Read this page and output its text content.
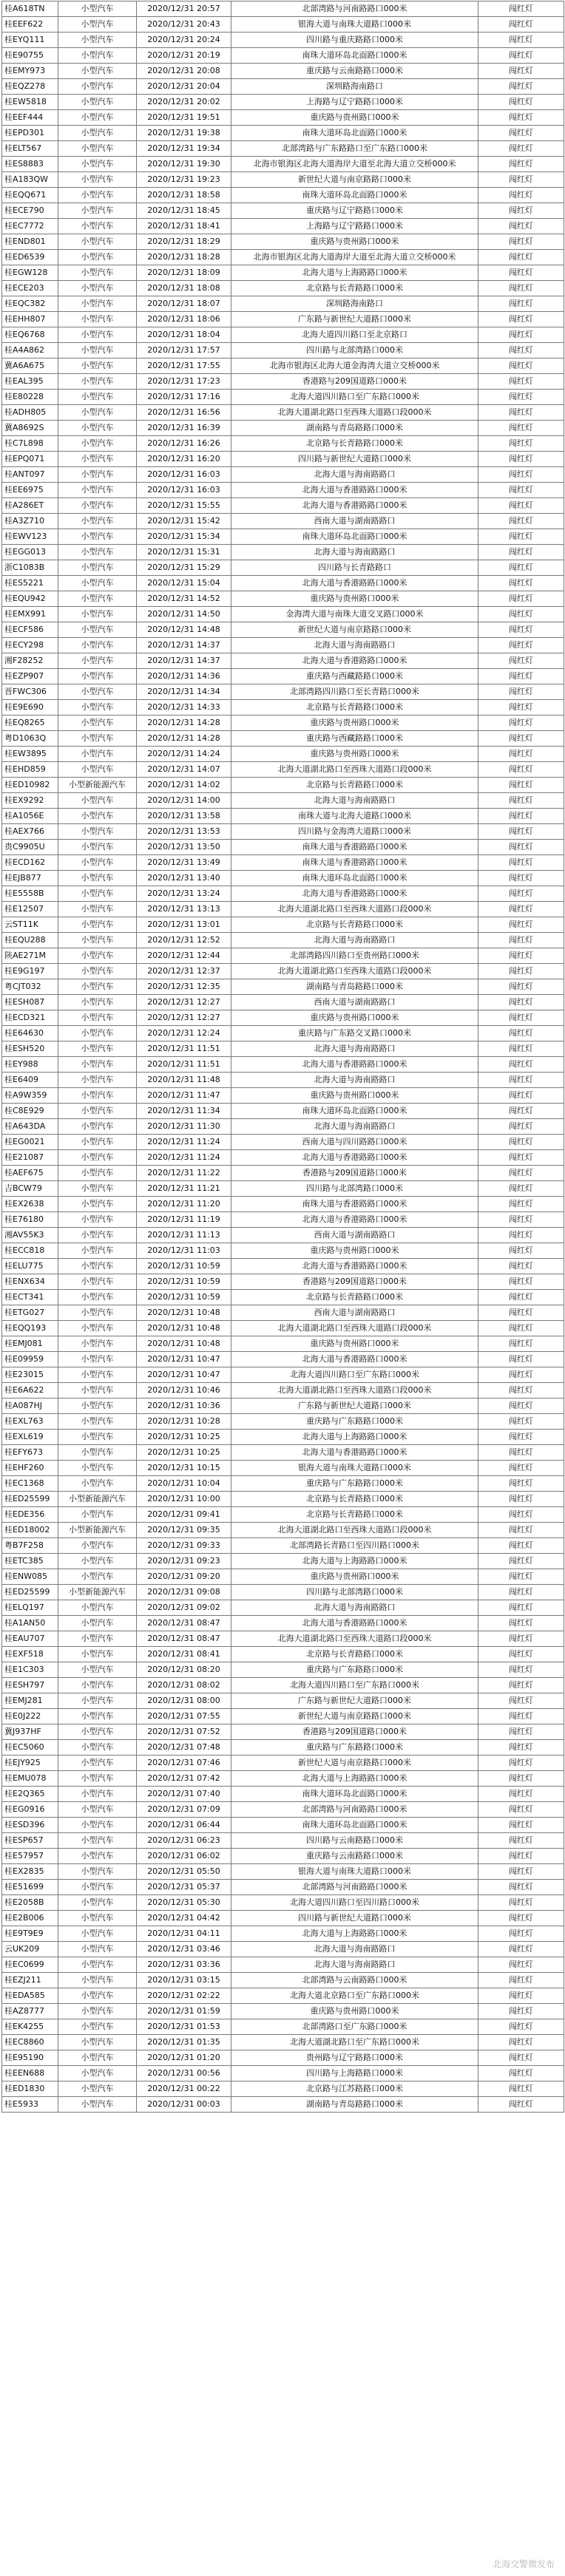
桂A618TN	小型汽车	2020/12/31 20:57	北部湾路与河南路路口000米	闯红灯
桂EEF622	小型汽车	2020/12/31 20:43	银海大道与南珠大道路口000米	闯红灯
桂EYQ111	小型汽车	2020/12/31 20:24	四川路与重庆路路口000米	闯红灯
桂E90755	小型汽车	2020/12/31 20:19	南珠大道环岛北面路口000米	闯红灯
桂EMY973	小型汽车	2020/12/31 20:08	重庆路与云南路路口000米	闯红灯
桂EQZ278	小型汽车	2020/12/31 20:04	深圳路海南路口	闯红灯
桂EW5818	小型汽车	2020/12/31 20:02	上海路与辽宁路路口000米	闯红灯
桂EEF444	小型汽车	2020/12/31 19:51	重庆路与贵州路口000米	闯红灯
桂EPD301	小型汽车	2020/12/31 19:38	南珠大道环岛北面路口000米	闯红灯
桂ELT567	小型汽车	2020/12/31 19:34	北部湾路与广东路路口至广东路口000米	闯红灯
桂ES8883	小型汽车	2020/12/31 19:30	北海市银海区北海大道海岸大道至北海大道立交桥000米	闯红灯
桂A183QW	小型汽车	2020/12/31 19:23	新世纪大道与南京路路口000米	闯红灯
桂EQQ671	小型汽车	2020/12/31 18:58	南珠大道环岛北面路口000米	闯红灯
桂ECE790	小型汽车	2020/12/31 18:45	重庆路与辽宁路路口000米	闯红灯
桂EC7772	小型汽车	2020/12/31 18:41	上海路与辽宁路路口000米	闯红灯
桂END801	小型汽车	2020/12/31 18:29	重庆路与贵州路口000米	闯红灯
桂ED6539	小型汽车	2020/12/31 18:28	北海市银海区北海大道海岸大道至北海大道立交桥000米	闯红灯
桂EGW128	小型汽车	2020/12/31 18:09	北海大道与上海路路口000米	闯红灯
桂ECE203	小型汽车	2020/12/31 18:08	北京路与长青路路口000米	闯红灯
桂EQC382	小型汽车	2020/12/31 18:07	深圳路海南路口	闯红灯
桂EHH807	小型汽车	2020/12/31 18:06	广东路与新世纪大道路口000米	闯红灯
桂EQ6768	小型汽车	2020/12/31 18:04	北海大道四川路口至北京路口	闯红灯
桂A4A862	小型汽车	2020/12/31 17:57	四川路与北部湾路口000米	闯红灯
冀A6A675	小型汽车	2020/12/31 17:55	北海市银海区北海大道金海湾大道立交桥000米	闯红灯
桂EAL395	小型汽车	2020/12/31 17:23	香港路与209国道路口000米	闯红灯
桂E80228	小型汽车	2020/12/31 17:16	北海大道四川路口至广东路口000米	闯红灯
桂ADH805	小型汽车	2020/12/31 16:56	北海大道湖北路口至西珠大道路口段000米	闯红灯
冀A8692S	小型汽车	2020/12/31 16:39	湖南路与青岛路路口000米	闯红灯
桂C7L898	小型汽车	2020/12/31 16:26	北京路与长青路路口000米	闯红灯
桂EPQ071	小型汽车	2020/12/31 16:20	四川路与新世纪大道路口000米	闯红灯
桂ANT097	小型汽车	2020/12/31 16:03	北海大道与海南路路口	闯红灯
桂EE6975	小型汽车	2020/12/31 16:03	北海大道与香港路路口000米	闯红灯
桂A286ET	小型汽车	2020/12/31 15:55	北海大道与香港路路口000米	闯红灯
桂A3Z710	小型汽车	2020/12/31 15:42	西南大道与湖南路路口	闯红灯
桂EWV123	小型汽车	2020/12/31 15:34	南珠大道环岛北面路口000米	闯红灯
桂EGG013	小型汽车	2020/12/31 15:31	北海大道与海南路路口	闯红灯
浙C1083B	小型汽车	2020/12/31 15:29	四川路与长青路路口	闯红灯
桂ES5221	小型汽车	2020/12/31 15:04	北海大道与香港路路口000米	闯红灯
桂EQU942	小型汽车	2020/12/31 14:52	重庆路与贵州路口000米	闯红灯
桂EMX991	小型汽车	2020/12/31 14:50	金海湾大道与南珠大道交叉路口000米	闯红灯
桂ECF586	小型汽车	2020/12/31 14:48	新世纪大道与南京路路口000米	闯红灯
桂ECY298	小型汽车	2020/12/31 14:37	北海大道与海南路路口	闯红灯
湘F28252	小型汽车	2020/12/31 14:37	北海大道与香港路路口000米	闯红灯
桂EZP907	小型汽车	2020/12/31 14:36	重庆路与西藏路路口000米	闯红灯
晋FWC306	小型汽车	2020/12/31 14:34	北部湾路四川路口至长青路口000米	闯红灯
桂E9E690	小型汽车	2020/12/31 14:33	北京路与长青路路口000米	闯红灯
桂EQ8265	小型汽车	2020/12/31 14:28	重庆路与贵州路口000米	闯红灯
粤D1063Q	小型汽车	2020/12/31 14:28	重庆路与西藏路路口000米	闯红灯
桂EW3895	小型汽车	2020/12/31 14:24	重庆路与贵州路口000米	闯红灯
桂EHD859	小型汽车	2020/12/31 14:07	北海大道湖北路口至西珠大道路口段000米	闯红灯
桂ED10982	小型新能源汽车	2020/12/31 14:02	北京路与长青路路口000米	闯红灯
桂EX9292	小型汽车	2020/12/31 14:00	北海大道与海南路路口	闯红灯
桂A1056E	小型汽车	2020/12/31 13:58	南珠大道与北海大道路口000米	闯红灯
桂AEX766	小型汽车	2020/12/31 13:53	四川路与金海湾大道路口000米	闯红灯
贵C9905U	小型汽车	2020/12/31 13:50	南珠大道与香港路路口000米	闯红灯
桂ECD162	小型汽车	2020/12/31 13:49	南珠大道与香港路路口000米	闯红灯
桂EJB877	小型汽车	2020/12/31 13:40	南珠大道环岛北面路口000米	闯红灯
桂E5558B	小型汽车	2020/12/31 13:24	北海大道与香港路路口000米	闯红灯
桂E12507	小型汽车	2020/12/31 13:13	北海大道湖北路口至西珠大道路口段000米	闯红灯
云ST11K	小型汽车	2020/12/31 13:01	北京路与长青路路口000米	闯红灯
桂EQU288	小型汽车	2020/12/31 12:52	北海大道与海南路路口	闯红灯
陕AE271M	小型汽车	2020/12/31 12:44	北部湾路四川路口至贵州路口000米	闯红灯
桂E9G197	小型汽车	2020/12/31 12:37	北海大道湖北路口至西珠大道路口段000米	闯红灯
粤CJT032	小型汽车	2020/12/31 12:35	湖南路与青岛路路口000米	闯红灯
桂ESH087	小型汽车	2020/12/31 12:27	西南大道与湖南路路口	闯红灯
桂ECD321	小型汽车	2020/12/31 12:27	重庆路与贵州路口000米	闯红灯
桂E64630	小型汽车	2020/12/31 12:24	重庆路与广东路交叉路口000米	闯红灯
桂ESH520	小型汽车	2020/12/31 11:51	北海大道与海南路路口	闯红灯
桂EY988	小型汽车	2020/12/31 11:51	北海大道与香港路路口000米	闯红灯
桂E6409	小型汽车	2020/12/31 11:48	北海大道与海南路路口	闯红灯
桂A9W359	小型汽车	2020/12/31 11:47	重庆路与贵州路口000米	闯红灯
桂C8E929	小型汽车	2020/12/31 11:34	南珠大道环岛北面路口000米	闯红灯
桂A643DA	小型汽车	2020/12/31 11:30	北海大道与海南路路口	闯红灯
桂EG0021	小型汽车	2020/12/31 11:24	西南大道与四川路路口000米	闯红灯
桂E21087	小型汽车	2020/12/31 11:24	北海大道与香港路路口000米	闯红灯
桂AEF675	小型汽车	2020/12/31 11:22	香港路与209国道路口000米	闯红灯
吉BCW79	小型汽车	2020/12/31 11:21	四川路与北部湾路口000米	闯红灯
桂EX2638	小型汽车	2020/12/31 11:20	南珠大道与香港路路口000米	闯红灯
桂E76180	小型汽车	2020/12/31 11:19	北海大道与香港路路口000米	闯红灯
湘AV55K3	小型汽车	2020/12/31 11:13	西南大道与湖南路路口	闯红灯
桂ECC818	小型汽车	2020/12/31 11:03	重庆路与贵州路口000米	闯红灯
桂ELU775	小型汽车	2020/12/31 10:59	北海大道与香港路路口000米	闯红灯
桂ENX634	小型汽车	2020/12/31 10:59	香港路与209国道路口000米	闯红灯
桂ECT341	小型汽车	2020/12/31 10:59	北京路与长青路路口000米	闯红灯
桂ETG027	小型汽车	2020/12/31 10:48	西南大道与湖南路路口	闯红灯
桂EQQ193	小型汽车	2020/12/31 10:48	北海大道湖北路口至西珠大道路口段000米	闯红灯
桂EMJ081	小型汽车	2020/12/31 10:48	重庆路与贵州路口000米	闯红灯
桂E09959	小型汽车	2020/12/31 10:47	北海大道与香港路路口000米	闯红灯
桂E23015	小型汽车	2020/12/31 10:47	北海大道四川路口至广东路口000米	闯红灯
桂E6A622	小型汽车	2020/12/31 10:46	北海大道湖北路口至西珠大道路口段000米	闯红灯
桂A087HJ	小型汽车	2020/12/31 10:36	广东路与新世纪大道路口000米	闯红灯
桂EXL763	小型汽车	2020/12/31 10:28	重庆路与广东路路口000米	闯红灯
桂EXL619	小型汽车	2020/12/31 10:25	北海大道与上海路路口000米	闯红灯
桂EFY673	小型汽车	2020/12/31 10:25	北海大道与香港路路口000米	闯红灯
桂EHF260	小型汽车	2020/12/31 10:15	银海大道与南珠大道路口000米	闯红灯
桂EC1368	小型汽车	2020/12/31 10:04	重庆路与广东路路口000米	闯红灯
桂ED25599	小型新能源汽车	2020/12/31 10:00	北京路与长青路路口000米	闯红灯
桂EDE356	小型汽车	2020/12/31 09:41	北京路与长青路路口000米	闯红灯
桂ED18002	小型新能源汽车	2020/12/31 09:35	北海大道湖北路口至西珠大道路口段000米	闯红灯
粤B7F258	小型汽车	2020/12/31 09:33	北部湾路长青路口至四川路口000米	闯红灯
桂ETC385	小型汽车	2020/12/31 09:23	北海大道与上海路路口000米	闯红灯
桂ENW085	小型汽车	2020/12/31 09:20	重庆路与贵州路口000米	闯红灯
桂ED25599	小型新能源汽车	2020/12/31 09:08	四川路与北部湾路口000米	闯红灯
桂ELQ197	小型汽车	2020/12/31 09:02	北海大道与海南路路口	闯红灯
桂A1AN50	小型汽车	2020/12/31 08:47	北海大道与香港路路口000米	闯红灯
桂EAU707	小型汽车	2020/12/31 08:47	北海大道湖北路口至西珠大道路口段000米	闯红灯
桂EXF518	小型汽车	2020/12/31 08:41	北京路与长青路路口000米	闯红灯
桂E1C303	小型汽车	2020/12/31 08:20	重庆路与广东路路口000米	闯红灯
桂ESH797	小型汽车	2020/12/31 08:02	北海大道四川路口至广东路口000米	闯红灯
桂EMJ281	小型汽车	2020/12/31 08:00	广东路与新世纪大道路口000米	闯红灯
桂E0J222	小型汽车	2020/12/31 07:55	新世纪大道与南京路路口000米	闯红灯
冀J937HF	小型汽车	2020/12/31 07:52	香港路与209国道路口000米	闯红灯
桂EC5060	小型汽车	2020/12/31 07:48	重庆路与广东路路口000米	闯红灯
桂EJY925	小型汽车	2020/12/31 07:46	新世纪大道与南京路路口000米	闯红灯
桂EMU078	小型汽车	2020/12/31 07:42	北海大道与上海路路口000米	闯红灯
桂E2Q365	小型汽车	2020/12/31 07:40	南珠大道环岛北面路口000米	闯红灯
桂EG0916	小型汽车	2020/12/31 07:09	北部湾路与河南路路口000米	闯红灯
桂ESD396	小型汽车	2020/12/31 06:44	南珠大道环岛北面路口000米	闯红灯
桂ESP657	小型汽车	2020/12/31 06:23	四川路与云南路路口000米	闯红灯
桂E57957	小型汽车	2020/12/31 06:02	重庆路与云南路路口000米	闯红灯
桂EX2835	小型汽车	2020/12/31 05:50	银海大道与南珠大道路口000米	闯红灯
桂E51699	小型汽车	2020/12/31 05:37	北部湾路与河南路路口000米	闯红灯
桂E2058B	小型汽车	2020/12/31 05:30	北海大道四川路口至四川路口000米	闯红灯
桂E2B006	小型汽车	2020/12/31 04:42	四川路与新世纪大道路口000米	闯红灯
桂E9T9E9	小型汽车	2020/12/31 04:11	北海大道与上海路路口000米	闯红灯
云UK209	小型汽车	2020/12/31 03:46	北海大道与海南路路口	闯红灯
桂EC0699	小型汽车	2020/12/31 03:36	北海大道与海南路路口	闯红灯
桂EZJ211	小型汽车	2020/12/31 03:15	北部湾路与云南路路口000米	闯红灯
桂EDA585	小型汽车	2020/12/31 02:22	北海大道北京路口至广东路口000米	闯红灯
桂AZ8777	小型汽车	2020/12/31 01:59	重庆路与贵州路口000米	闯红灯
桂EK4255	小型汽车	2020/12/31 01:53	北部湾路口至广东路口000米	闯红灯
桂EC8860	小型汽车	2020/12/31 01:35	北海大道湖北路口至广东路口000米	闯红灯
桂E95190	小型汽车	2020/12/31 01:20	贵州路与辽宁路路口000米	闯红灯
桂EEN688	小型汽车	2020/12/31 00:56	四川路与上海路路口000米	闯红灯
桂ED1830	小型汽车	2020/12/31 00:22	北京路与江苏路路口000米	闯红灯
桂E5933	小型汽车	2020/12/31 00:03	湖南路与青岛路路口000米	闯红灯
北海交警微发布
